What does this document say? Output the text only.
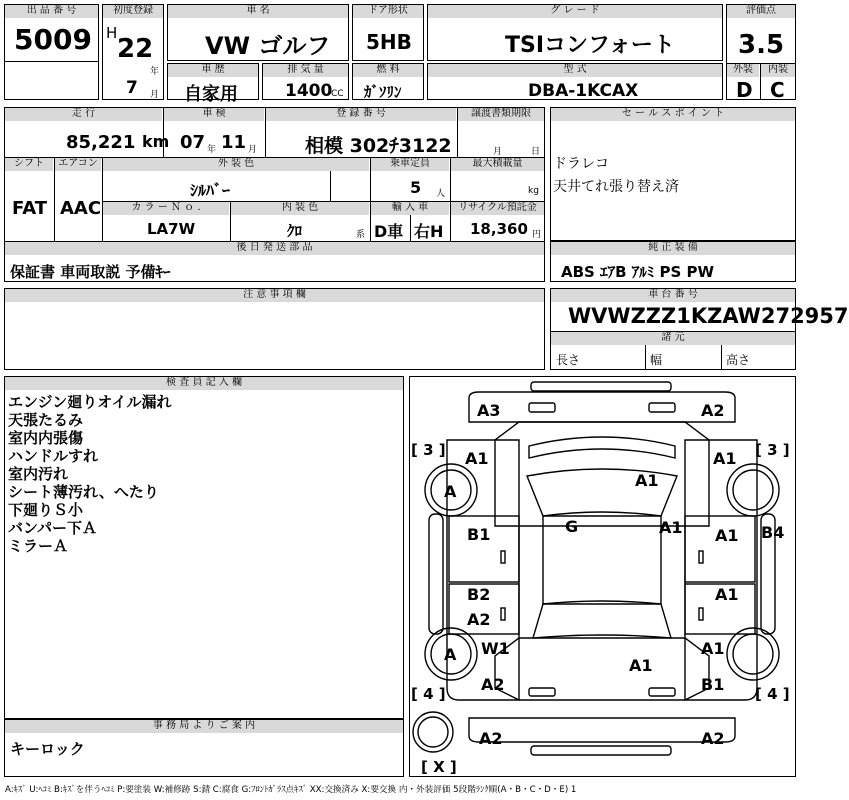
出 品 番 号
5009
初度登録
H
22
年
7 月
車 名
VW ゴルフ
ドア形状
5HB
グ レ ー ド
TSIコンフォート
評価点
3.5
車 歴
自家用
排 気 量
1400
CC
燃 料
ｶﾞｿﾘﾝ
型 式
DBA-1KCAX
外装	内装
D C
走 行	車 検	登 録 番 号	譲渡書類期限
85,221 km 07 年 11 月	相模 302ﾁ3122	月	日
シフト	エアコン	外 装 色	乗車定員	最大積載量
FAT AAC
ｼﾙﾊﾞｰ	5 人	kg
カ ラ ー Ｎ ｏ .	内 装 色	輸 入 車	リサイクル預託金
LA7W	ｸﾛ	系 D車 右H 18,360 円
後 日 発 送 部 品
保証書 車両取説 予備ｷｰ
セ ー ル ス ポ イ ン ト
ドラレコ
天井てれ張り替え済
純 正 装 備
ABS ｴｱB ｱﾙﾐ PS PW
注 意 事 項 欄	車 台 番 号
WVWZZZ1KZAW272957
諸 元
長さ	幅	高さ
検 査 員 記 入 欄
エンジン廻りオイル漏れ
天張たるみ
室内内張傷
ハンドルすれ
室内汚れ
シート薄汚れ、へたり
下廻りＳ小
バンパー下Ａ
ミラーＡ
事 務 局 よ り ご 案 内
キーロック
[ 3 ]	[ 3 ]
[ 4 ]	[ 4 ]
[ X ]
A3	A2
A1	A1
A1
A
G	A1
B1	A1 B4
B2
A2
A1
A W1	A1
A1
A2	B1
A2	A2
A:ｷｽﾞ U:ﾍｺﾐ B:ｷｽﾞを伴うﾍｺﾐ P:要塗装 W:補修跡 S:錆 C:腐食 G:ﾌﾛﾝﾄｶﾞﾗｽ点ｷｽﾞ XX:交換済み X:要交換 内・外装評価 5段階ﾗﾝｸ順(A・B・C・D・E) 1
